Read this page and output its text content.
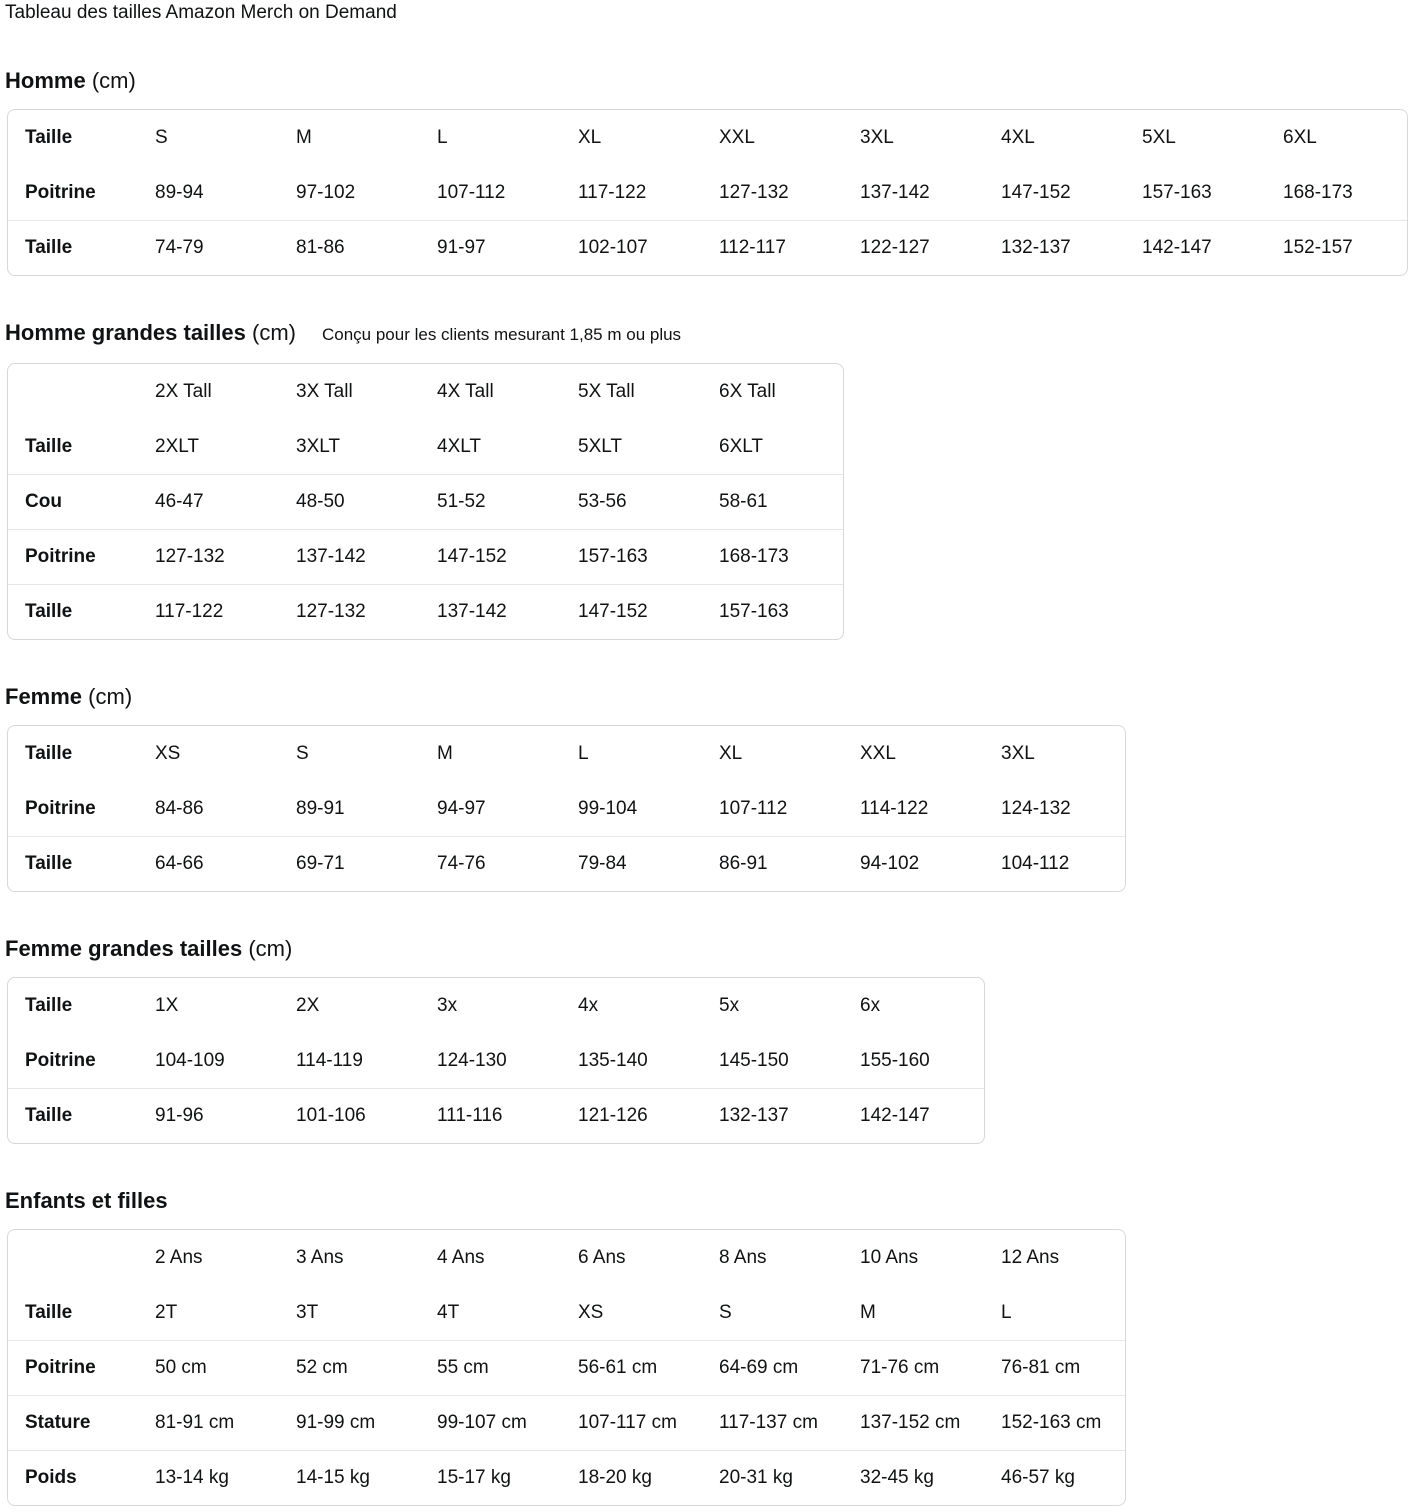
Tableau des tailles Amazon Merch on Demand
Homme (cm)
Taille	S	M	L	XL	XXL	3XL	4XL	5XL	6XL
Poitrine	89-94	97-102	107-112	117-122	127-132	137-142	147-152	157-163	168-173
Taille	74-79	81-86	91-97	102-107	112-117	122-127	132-137	142-147	152-157
Homme grandes tailles (cm) Conçu pour les clients mesurant 1,85 m ou plus
	2X Tall	3X Tall	4X Tall	5X Tall	6X Tall
Taille	2XLT	3XLT	4XLT	5XLT	6XLT
Cou	46-47	48-50	51-52	53-56	58-61
Poitrine	127-132	137-142	147-152	157-163	168-173
Taille	117-122	127-132	137-142	147-152	157-163
Femme (cm)
Taille	XS	S	M	L	XL	XXL	3XL
Poitrine	84-86	89-91	94-97	99-104	107-112	114-122	124-132
Taille	64-66	69-71	74-76	79-84	86-91	94-102	104-112
Femme grandes tailles (cm)
Taille	1X	2X	3x	4x	5x	6x
Poitrine	104-109	114-119	124-130	135-140	145-150	155-160
Taille	91-96	101-106	111-116	121-126	132-137	142-147
Enfants et filles
	2 Ans	3 Ans	4 Ans	6 Ans	8 Ans	10 Ans	12 Ans
Taille	2T	3T	4T	XS	S	M	L
Poitrine	50 cm	52 cm	55 cm	56-61 cm	64-69 cm	71-76 cm	76-81 cm
Stature	81-91 cm	91-99 cm	99-107 cm	107-117 cm	117-137 cm	137-152 cm	152-163 cm
Poids	13-14 kg	14-15 kg	15-17 kg	18-20 kg	20-31 kg	32-45 kg	46-57 kg
